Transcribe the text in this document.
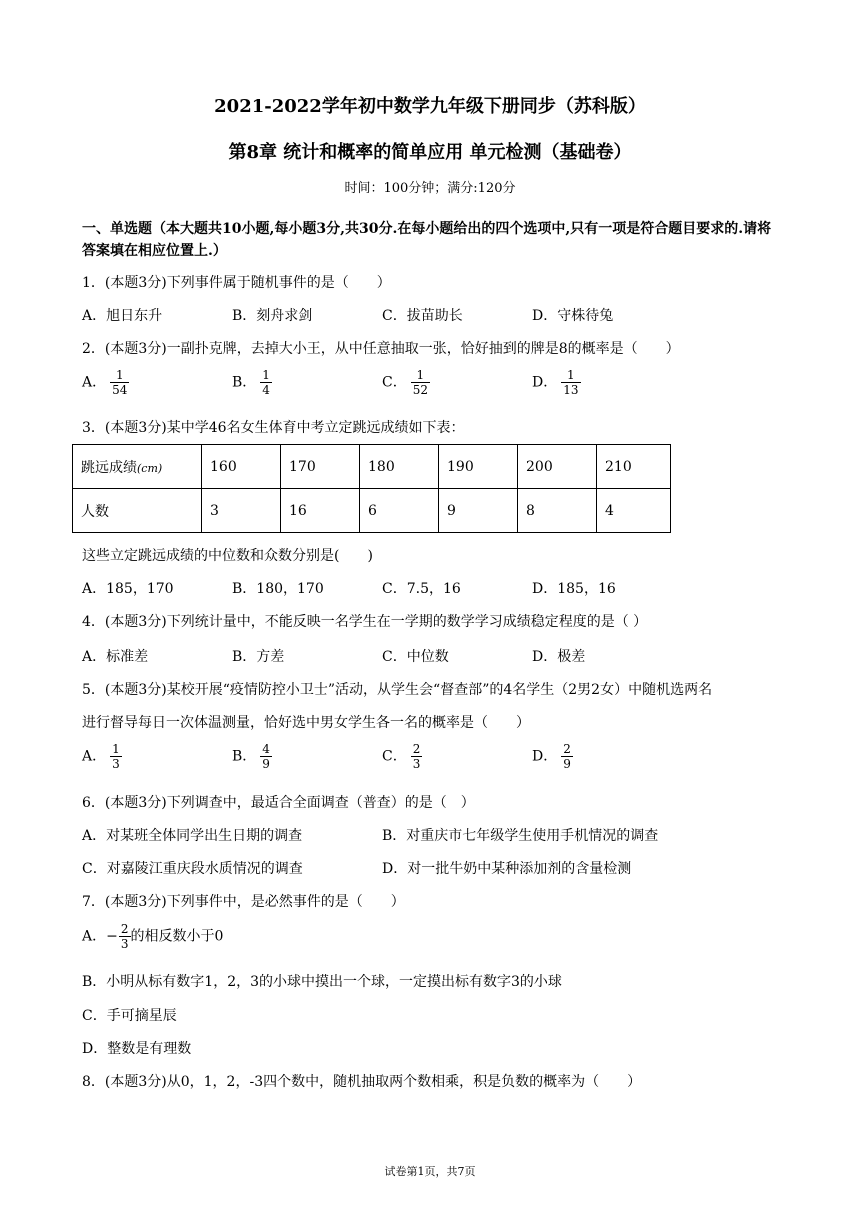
2021-2022学年初中数学九年级下册同步（苏科版）
第8章 统计和概率的简单应用 单元检测（基础卷）
时间：100分钟；满分:120分
一、单选题（本大题共10小题,每小题3分,共30分.在每小题给出的四个选项中,只有一项是符合题目要求的.请将答案填在相应位置上.）
1．(本题3分)下列事件属于随机事件的是（　　）
A．旭日东升	B．刻舟求剑	C．拔苗助长	D．守株待兔
2．(本题3分)一副扑克牌，去掉大小王，从中任意抽取一张，恰好抽到的牌是8的概率是（　　）
A． $\frac{1}{54}$	B． $\frac{1}{4}$	C． $\frac{1}{52}$	D． $\frac{1}{13}$
3．(本题3分)某中学46名女生体育中考立定跳远成绩如下表：
跳远成绩(cm)	160	170	180	190	200	210
人数	3	16	6	9	8	4
这些立定跳远成绩的中位数和众数分别是(　　)
A．185，170	B．180，170	C．7.5，16	D．185，16
4．(本题3分)下列统计量中，不能反映一名学生在一学期的数学学习成绩稳定程度的是（ ）
A．标准差	B．方差	C．中位数	D．极差
5．(本题3分)某校开展“疫情防控小卫士”活动，从学生会“督查部”的4名学生（2男2女）中随机选两名
进行督导每日一次体温测量，恰好选中男女学生各一名的概率是（　　）
A． $\frac{1}{3}$	B． $\frac{4}{9}$	C． $\frac{2}{3}$	D． $\frac{2}{9}$
6．(本题3分)下列调查中，最适合全面调查（普查）的是（　）
A．对某班全体同学出生日期的调查	B．对重庆市七年级学生使用手机情况的调查
C．对嘉陵江重庆段水质情况的调查	D．对一批牛奶中某种添加剂的含量检测
7．(本题3分)下列事件中，是必然事件的是（　　）
A．− $\frac{2}{3}$ 的相反数小于0
B．小明从标有数字1，2，3的小球中摸出一个球，一定摸出标有数字3的小球
C．手可摘星辰
D．整数是有理数
8．(本题3分)从0，1，2，-3四个数中，随机抽取两个数相乘，积是负数的概率为（　　）
试卷第1页，共7页
